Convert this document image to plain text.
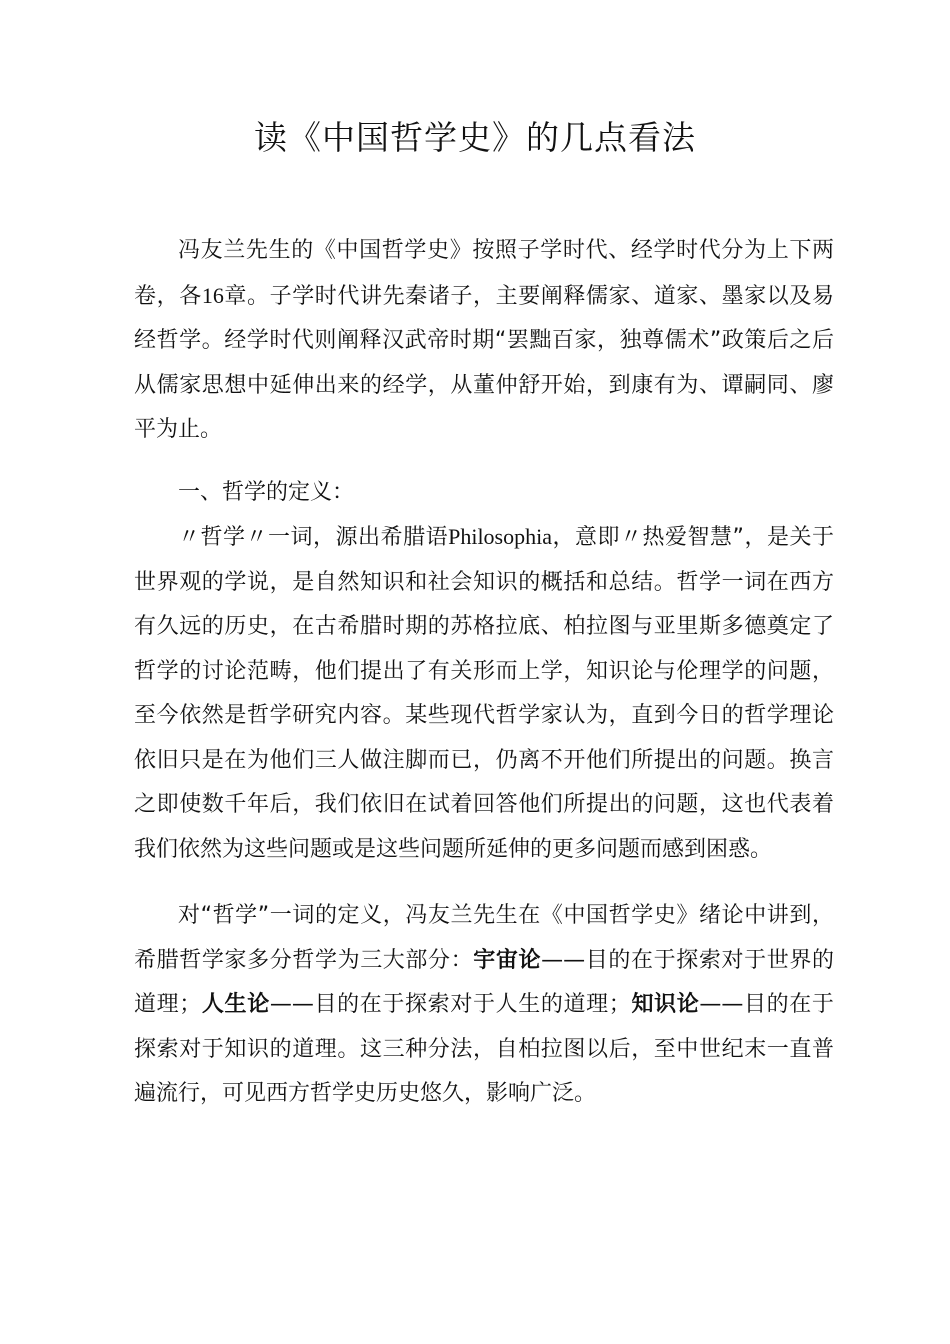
读《中国哲学史》的几点看法

冯友兰先生的《中国哲学史》按照子学时代、经学时代分为上下两卷，各16章。子学时代讲先秦诸子，主要阐释儒家、道家、墨家以及易经哲学。经学时代则阐释汉武帝时期“罢黜百家，独尊儒术”政策后之后从儒家思想中延伸出来的经学，从董仲舒开始，到康有为、谭嗣同、廖平为止。

一、哲学的定义：

〃哲学〃一词，源出希腊语Philosophia，意即〃热爱智慧”，是关于世界观的学说，是自然知识和社会知识的概括和总结。哲学一词在西方有久远的历史，在古希腊时期的苏格拉底、柏拉图与亚里斯多德奠定了哲学的讨论范畴，他们提出了有关形而上学，知识论与伦理学的问题，至今依然是哲学研究内容。某些现代哲学家认为，直到今日的哲学理论依旧只是在为他们三人做注脚而已，仍离不开他们所提出的问题。换言之即使数千年后，我们依旧在试着回答他们所提出的问题，这也代表着我们依然为这些问题或是这些问题所延伸的更多问题而感到困惑。

对“哲学”一词的定义，冯友兰先生在《中国哲学史》绪论中讲到，希腊哲学家多分哲学为三大部分：宇宙论——目的在于探索对于世界的道理；人生论——目的在于探索对于人生的道理；知识论——目的在于探索对于知识的道理。这三种分法，自柏拉图以后，至中世纪末一直普遍流行，可见西方哲学史历史悠久，影响广泛。
